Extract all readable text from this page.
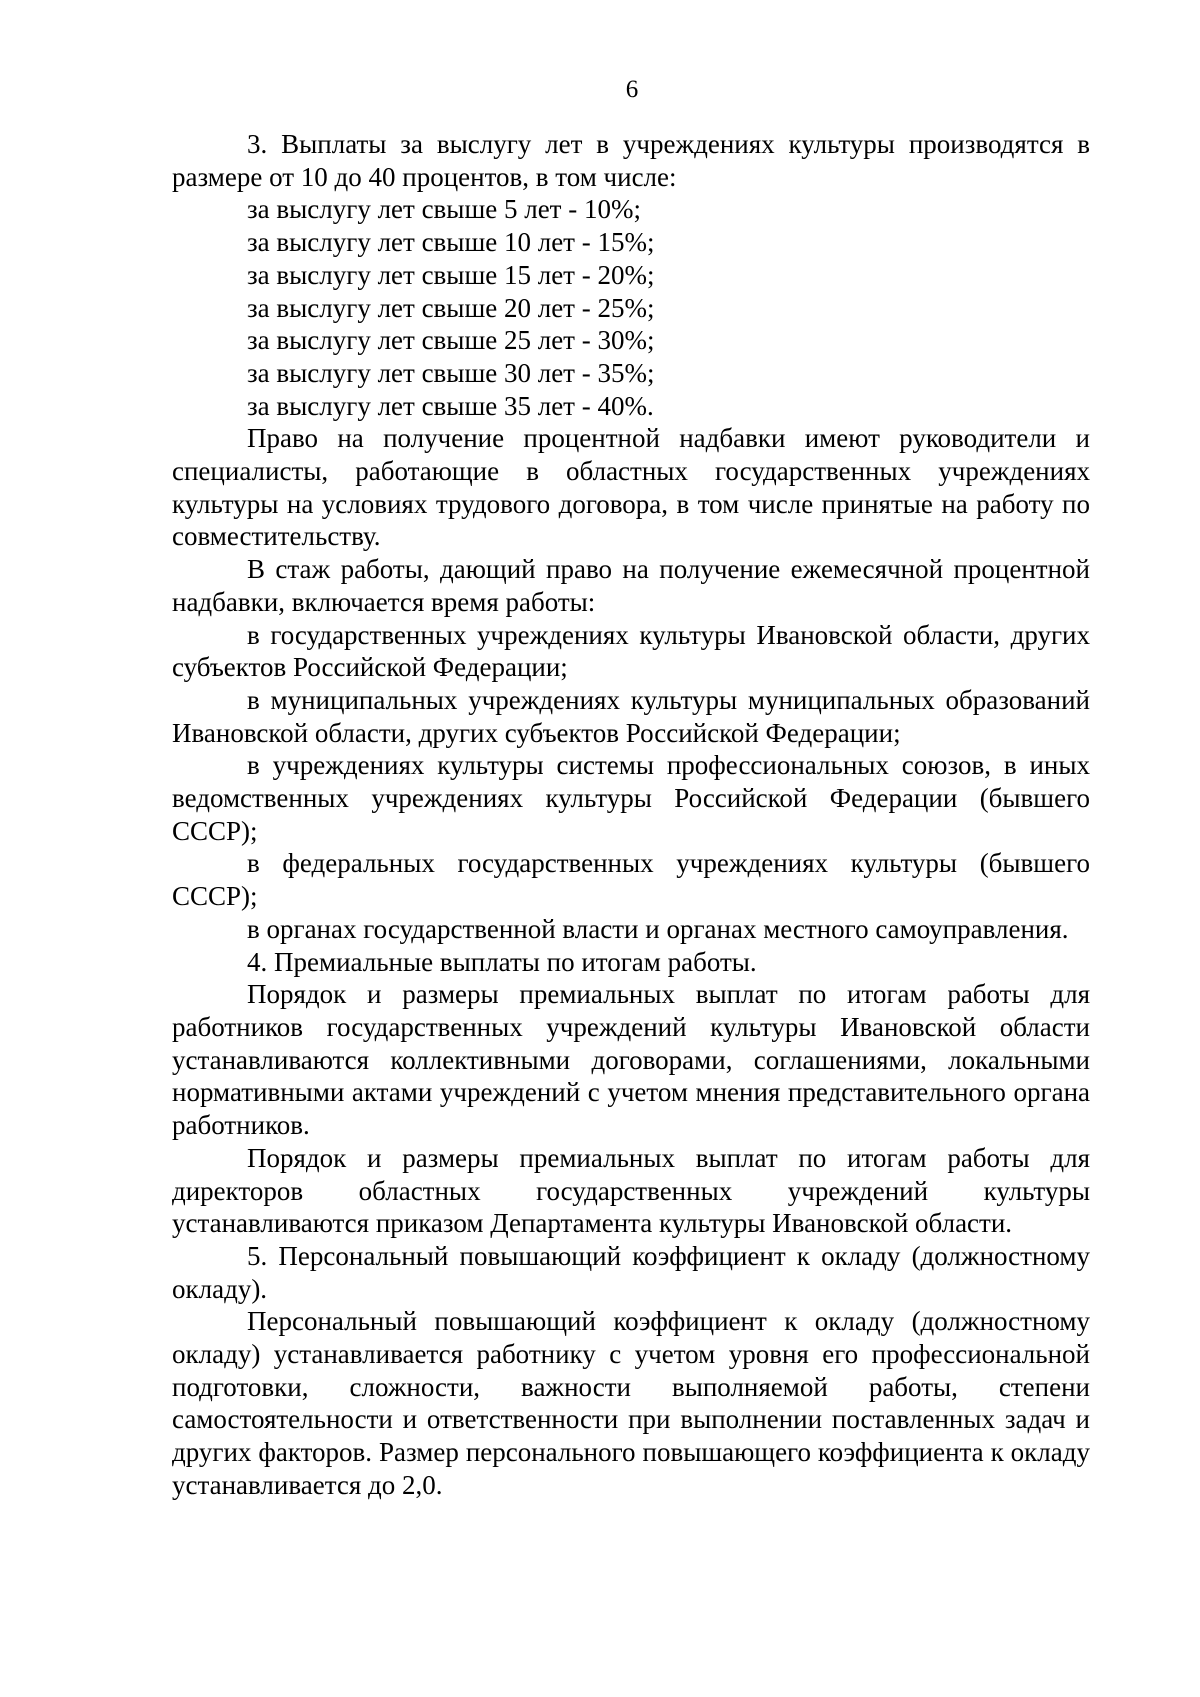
6

3. Выплаты за выслугу лет в учреждениях культуры производятся в размере от 10 до 40 процентов, в том числе:

за выслугу лет свыше 5 лет - 10%;

за выслугу лет свыше 10 лет - 15%;

за выслугу лет свыше 15 лет - 20%;

за выслугу лет свыше 20 лет - 25%;

за выслугу лет свыше 25 лет - 30%;

за выслугу лет свыше 30 лет - 35%;

за выслугу лет свыше 35 лет - 40%.

Право на получение процентной надбавки имеют руководители и специалисты, работающие в областных государственных учреждениях культуры на условиях трудового договора, в том числе принятые на работу по совместительству.

В стаж работы, дающий право на получение ежемесячной процентной надбавки, включается время работы:

в государственных учреждениях культуры Ивановской области, других субъектов Российской Федерации;

в муниципальных учреждениях культуры муниципальных образований Ивановской области, других субъектов Российской Федерации;

в учреждениях культуры системы профессиональных союзов, в иных ведомственных учреждениях культуры Российской Федерации (бывшего СССР);

в федеральных государственных учреждениях культуры (бывшего СССР);

в органах государственной власти и органах местного самоуправления.

4. Премиальные выплаты по итогам работы.

Порядок и размеры премиальных выплат по итогам работы для работников государственных учреждений культуры Ивановской области устанавливаются коллективными договорами, соглашениями, локальными нормативными актами учреждений с учетом мнения представительного органа работников.

Порядок и размеры премиальных выплат по итогам работы для директоров областных государственных учреждений культуры устанавливаются приказом Департамента культуры Ивановской области.

5. Персональный повышающий коэффициент к окладу (должностному окладу).

Персональный повышающий коэффициент к окладу (должностному окладу) устанавливается работнику с учетом уровня его профессиональной подготовки, сложности, важности выполняемой работы, степени самостоятельности и ответственности при выполнении поставленных задач и других факторов. Размер персонального повышающего коэффициента к окладу устанавливается до 2,0.
